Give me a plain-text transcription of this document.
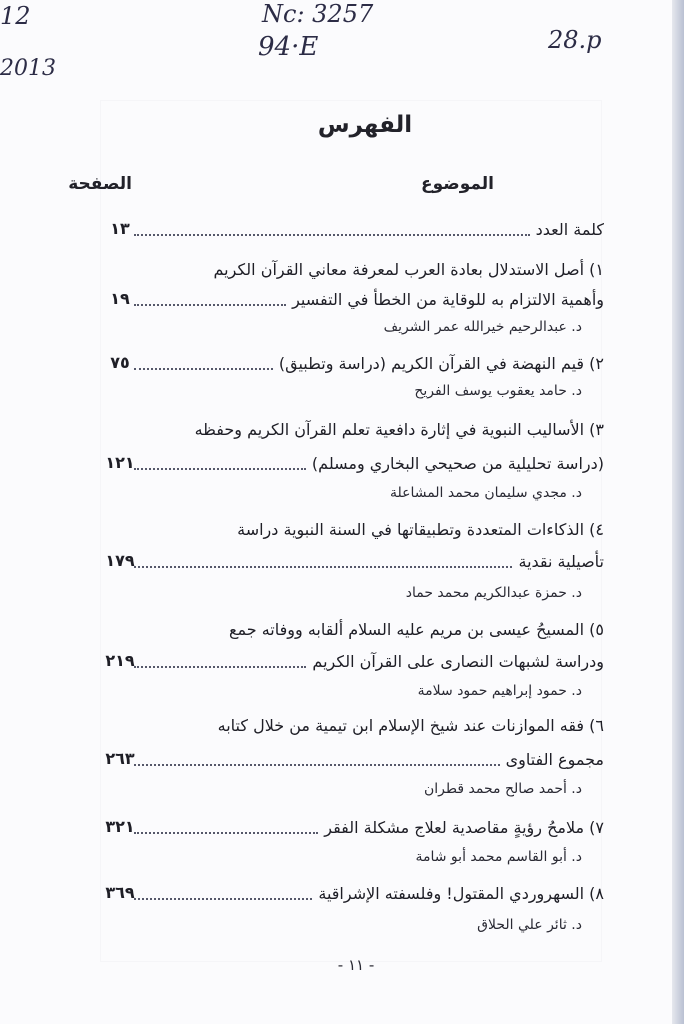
12
2013
Nc: 3257
94·E	28.p
الفهرس
الموضوع
الصفحة
كلمة العدد
١٣
١) أصل الاستدلال بعادة العرب لمعرفة معاني القرآن الكريم
وأهمية الالتزام به للوقاية من الخطأ في التفسير
١٩
د. عبدالرحيم خيرالله عمر الشريف
٢) قيم النهضة في القرآن الكريم (دراسة وتطبيق)
٧٥
د. حامد يعقوب يوسف الفريح
٣) الأساليب النبوية في إثارة دافعية تعلم القرآن الكريم وحفظه
(دراسة تحليلية من صحيحي البخاري ومسلم)
١٢١
د. مجدي سليمان محمد المشاعلة
٤) الذكاءات المتعددة وتطبيقاتها في السنة النبوية دراسة
تأصيلية نقدية
١٧٩
د. حمزة عبدالكريم محمد حماد
٥) المسيحُ عيسى بن مريم عليه السلام ألقابه ووفاته جمع
ودراسة لشبهات النصارى على القرآن الكريم
٢١٩
د. حمود إبراهيم حمود سلامة
٦) فقه الموازنات عند شيخ الإسلام ابن تيمية من خلال كتابه
مجموع الفتاوى
٢٦٣
د. أحمد صالح محمد قطران
٧) ملامحُ رؤيةٍ مقاصدية لعلاج مشكلة الفقر
٣٢١
د. أبو القاسم محمد أبو شامة
٨) السهروردي المقتول! وفلسفته الإشراقية
٣٦٩
د. ثائر علي الحلاق
- ١١ -
